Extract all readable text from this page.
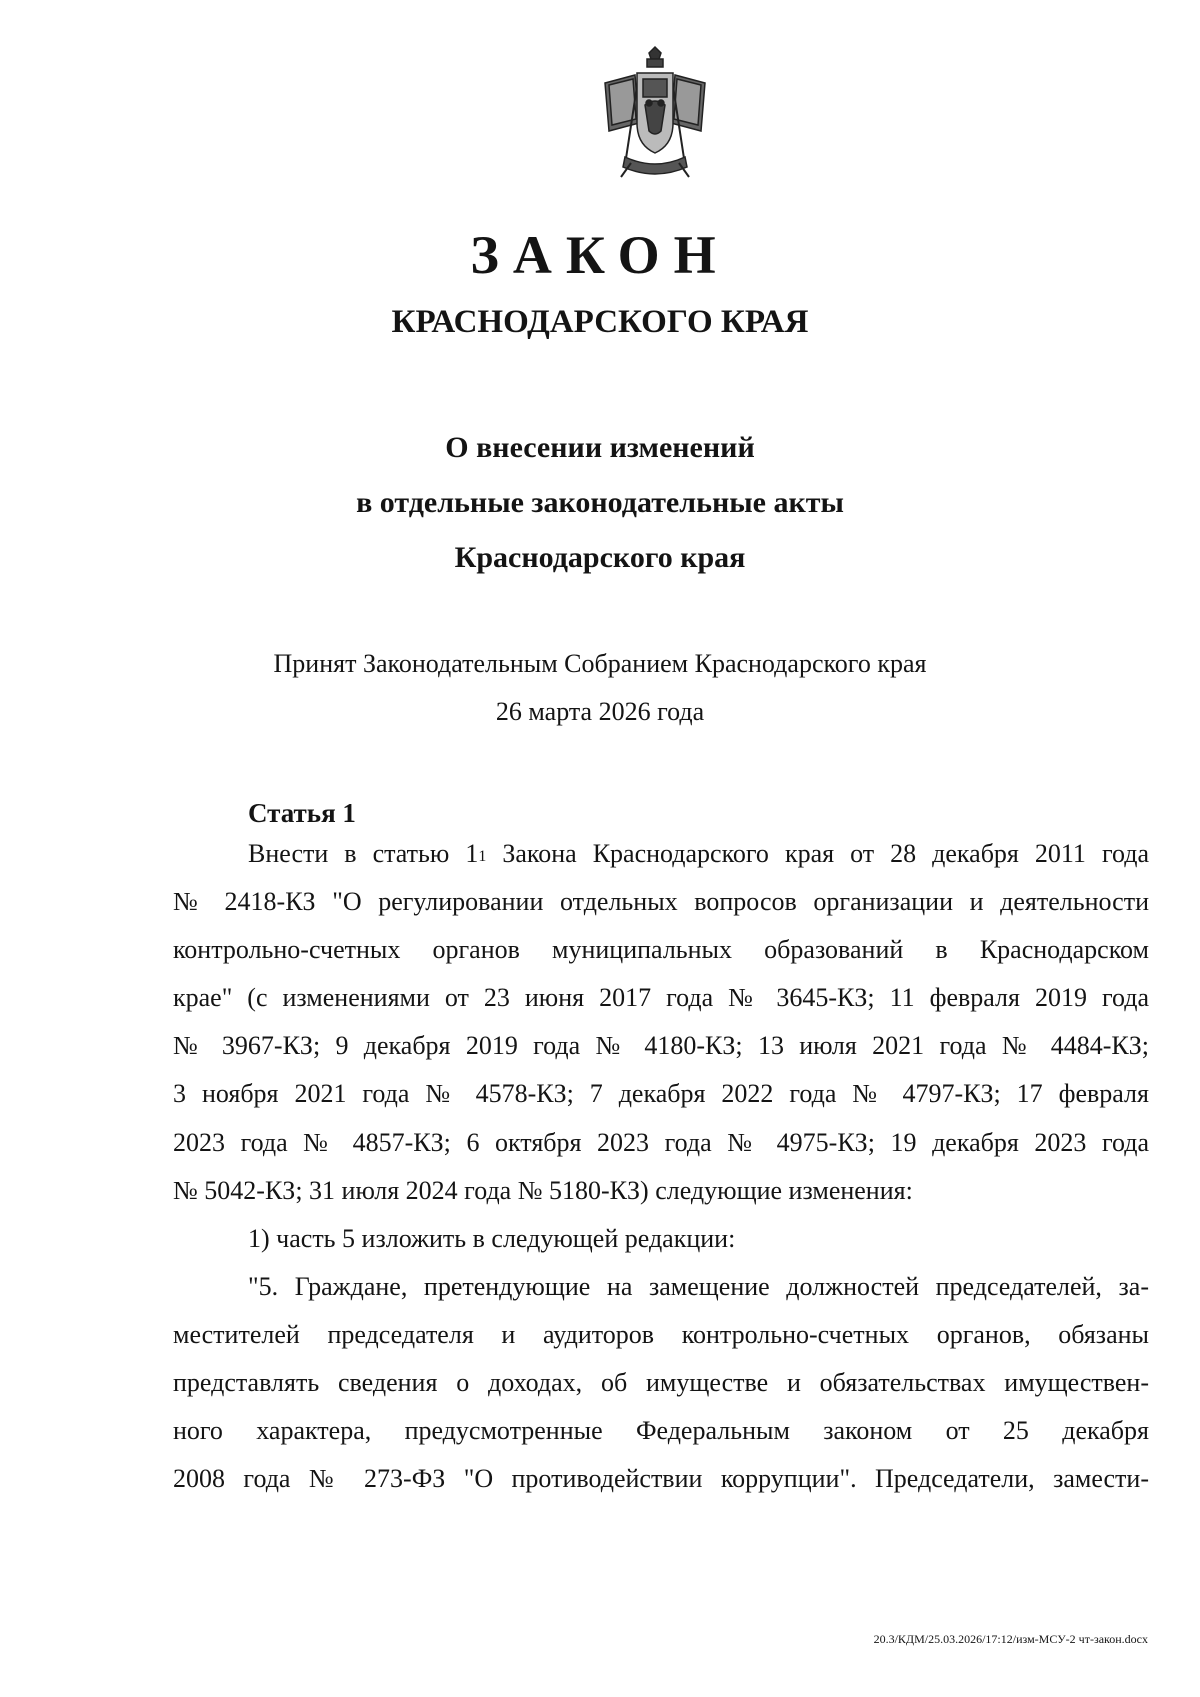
ЗАКОН
КРАСНОДАРСКОГО КРАЯ
О внесении изменений
в отдельные законодательные акты
Краснодарского края
Принят Законодательным Собранием Краснодарского края
26 марта 2026 года
Статья 1
Внести в статью 1$^1$ Закона Краснодарского края от 28 декабря 2011 года
№ 2418-КЗ "О регулировании отдельных вопросов организации и деятельности
контрольно-счетных органов муниципальных образований в Краснодарском
крае" (с изменениями от 23 июня 2017 года № 3645-КЗ; 11 февраля 2019 года
№ 3967-КЗ; 9 декабря 2019 года № 4180-КЗ; 13 июля 2021 года № 4484-КЗ;
3 ноября 2021 года № 4578-КЗ; 7 декабря 2022 года № 4797-КЗ; 17 февраля
2023 года № 4857-КЗ; 6 октября 2023 года № 4975-КЗ; 19 декабря 2023 года
№ 5042-КЗ; 31 июля 2024 года № 5180-КЗ) следующие изменения:
1) часть 5 изложить в следующей редакции:
"5. Граждане, претендующие на замещение должностей председателей, за-
местителей председателя и аудиторов контрольно-счетных органов, обязаны
представлять сведения о доходах, об имуществе и обязательствах имуществен-
ного характера, предусмотренные Федеральным законом от 25 декабря
2008 года № 273-ФЗ "О противодействии коррупции". Председатели, замести-
20.3/КДМ/25.03.2026/17:12/изм-МСУ-2 чт-закон.docx
